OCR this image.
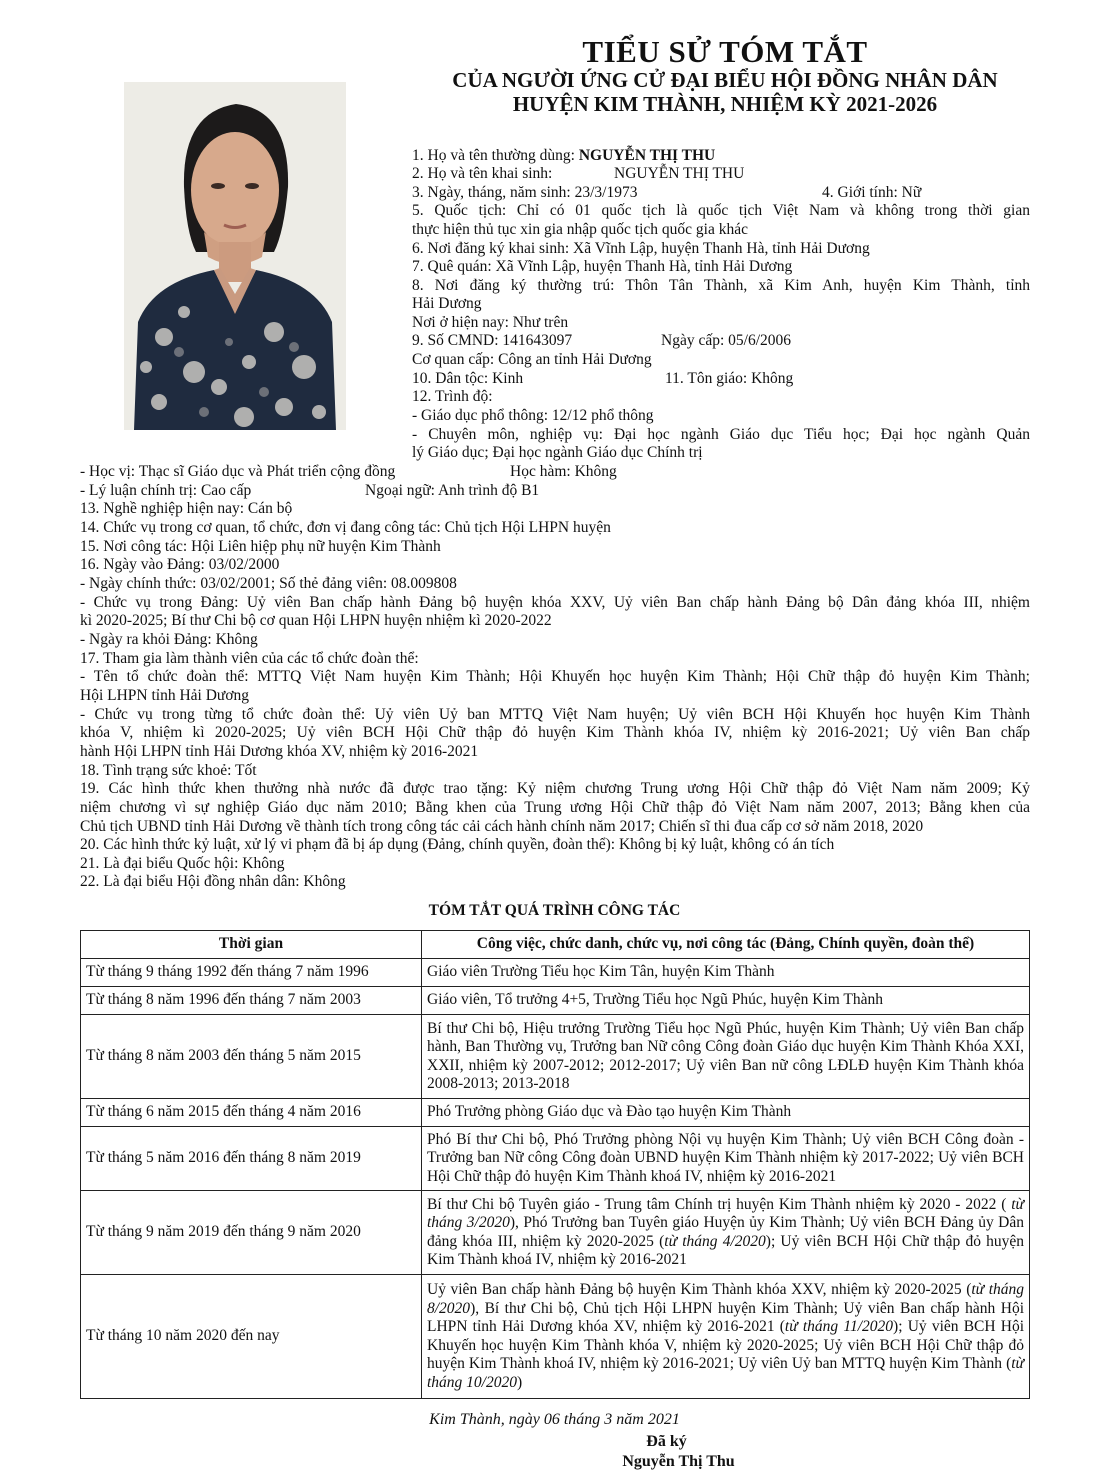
TIỂU SỬ TÓM TẮT
CỦA NGƯỜI ỨNG CỬ ĐẠI BIỂU HỘI ĐỒNG NHÂN DÂN
HUYỆN KIM THÀNH, NHIỆM KỲ 2021-2026
1. Họ và tên thường dùng: NGUYỄN THỊ THU
2. Họ và tên khai sinh:	NGUYỄN THỊ THU
3. Ngày, tháng, năm sinh: 23/3/1973	4. Giới tính: Nữ
5. Quốc tịch: Chỉ có 01 quốc tịch là quốc tịch Việt Nam và không trong thời gian
thực hiện thủ tục xin gia nhập quốc tịch quốc gia khác
6. Nơi đăng ký khai sinh: Xã Vĩnh Lập, huyện Thanh Hà, tỉnh Hải Dương
7. Quê quán: Xã Vĩnh Lập, huyện Thanh Hà, tỉnh Hải Dương
8. Nơi đăng ký thường trú: Thôn Tân Thành, xã Kim Anh, huyện Kim Thành, tỉnh
Hải Dương
Nơi ở hiện nay: Như trên
9. Số CMND: 141643097	Ngày cấp: 05/6/2006
Cơ quan cấp: Công an tỉnh Hải Dương
10. Dân tộc: Kinh	11. Tôn giáo: Không
12. Trình độ:
- Giáo dục phổ thông: 12/12 phổ thông
- Chuyên môn, nghiệp vụ: Đại học ngành Giáo dục Tiểu học; Đại học ngành Quản
lý Giáo dục; Đại học ngành Giáo dục Chính trị
- Học vị: Thạc sĩ Giáo dục và Phát triển cộng đồng	Học hàm: Không
- Lý luận chính trị: Cao cấp	Ngoại ngữ: Anh trình độ B1
13. Nghề nghiệp hiện nay: Cán bộ
14. Chức vụ trong cơ quan, tổ chức, đơn vị đang công tác: Chủ tịch Hội LHPN huyện
15. Nơi công tác: Hội Liên hiệp phụ nữ huyện Kim Thành
16. Ngày vào Đảng: 03/02/2000
- Ngày chính thức: 03/02/2001; Số thẻ đảng viên: 08.009808
- Chức vụ trong Đảng: Uỷ viên Ban chấp hành Đảng bộ huyện khóa XXV, Uỷ viên Ban chấp hành Đảng bộ Dân đảng khóa III, nhiệm
kì 2020-2025; Bí thư Chi bộ cơ quan Hội LHPN huyện nhiệm kì 2020-2022
- Ngày ra khỏi Đảng: Không
17. Tham gia làm thành viên của các tổ chức đoàn thể:
- Tên tổ chức đoàn thể: MTTQ Việt Nam huyện Kim Thành; Hội Khuyến học huyện Kim Thành; Hội Chữ thập đỏ huyện Kim Thành;
Hội LHPN tỉnh Hải Dương
- Chức vụ trong từng tổ chức đoàn thể: Uỷ viên Uỷ ban MTTQ Việt Nam huyện; Uỷ viên BCH Hội Khuyến học huyện Kim Thành
khóa V, nhiệm kì 2020-2025; Uỷ viên BCH Hội Chữ thập đỏ huyện Kim Thành khóa IV, nhiệm kỳ 2016-2021; Uỷ viên Ban chấp
hành Hội LHPN tỉnh Hải Dương khóa XV, nhiệm kỳ 2016-2021
18. Tình trạng sức khoẻ: Tốt
19. Các hình thức khen thưởng nhà nước đã được trao tặng: Kỷ niệm chương Trung ương Hội Chữ thập đỏ Việt Nam năm 2009; Kỷ
niệm chương vì sự nghiệp Giáo dục năm 2010; Bằng khen của Trung ương Hội Chữ thập đỏ Việt Nam năm 2007, 2013; Bằng khen của
Chủ tịch UBND tỉnh Hải Dương về thành tích trong công tác cải cách hành chính năm 2017; Chiến sĩ thi đua cấp cơ sở năm 2018, 2020
20. Các hình thức kỷ luật, xử lý vi phạm đã bị áp dụng (Đảng, chính quyền, đoàn thể): Không bị kỷ luật, không có án tích
21. Là đại biểu Quốc hội: Không
22. Là đại biểu Hội đồng nhân dân: Không
TÓM TẮT QUÁ TRÌNH CÔNG TÁC
Thời gian	Công việc, chức danh, chức vụ, nơi công tác (Đảng, Chính quyền, đoàn thể)
Từ tháng 9 tháng 1992 đến tháng 7 năm 1996	Giáo viên Trường Tiểu học Kim Tân, huyện Kim Thành
Từ tháng 8 năm 1996 đến tháng 7 năm 2003	Giáo viên, Tổ trưởng 4+5, Trường Tiểu học Ngũ Phúc, huyện Kim Thành
Từ tháng 8 năm 2003 đến tháng 5 năm 2015	Bí thư Chi bộ, Hiệu trưởng Trường Tiểu học Ngũ Phúc, huyện Kim Thành; Uỷ viên Ban chấp hành, Ban Thường vụ, Trưởng ban Nữ công Công đoàn Giáo dục huyện Kim Thành Khóa XXI, XXII, nhiệm kỳ 2007-2012; 2012-2017; Uỷ viên Ban nữ công LĐLĐ huyện Kim Thành khóa 2008-2013; 2013-2018
Từ tháng 6 năm 2015 đến tháng 4 năm 2016	Phó Trưởng phòng Giáo dục và Đào tạo huyện Kim Thành
Từ tháng 5 năm 2016 đến tháng 8 năm 2019	Phó Bí thư Chi bộ, Phó Trưởng phòng Nội vụ huyện Kim Thành; Uỷ viên BCH Công đoàn - Trưởng ban Nữ công Công đoàn UBND huyện Kim Thành nhiệm kỳ 2017-2022; Uỷ viên BCH Hội Chữ thập đỏ huyện Kim Thành khoá IV, nhiệm kỳ 2016-2021
Từ tháng 9 năm 2019 đến tháng 9 năm 2020	Bí thư Chi bộ Tuyên giáo - Trung tâm Chính trị huyện Kim Thành nhiệm kỳ 2020 - 2022 ( từ tháng 3/2020), Phó Trưởng ban Tuyên giáo Huyện ủy Kim Thành; Uỷ viên BCH Đảng ủy Dân đảng khóa III, nhiệm kỳ 2020-2025 (từ tháng 4/2020); Uỷ viên BCH Hội Chữ thập đỏ huyện Kim Thành khoá IV, nhiệm kỳ 2016-2021
Từ tháng 10 năm 2020 đến nay	Uỷ viên Ban chấp hành Đảng bộ huyện Kim Thành khóa XXV, nhiệm kỳ 2020-2025 (từ tháng 8/2020), Bí thư Chi bộ, Chủ tịch Hội LHPN huyện Kim Thành; Uỷ viên Ban chấp hành Hội LHPN tỉnh Hải Dương khóa XV, nhiệm kỳ 2016-2021 (từ tháng 11/2020); Uỷ viên BCH Hội Khuyến học huyện Kim Thành khóa V, nhiệm kỳ 2020-2025; Uỷ viên BCH Hội Chữ thập đỏ huyện Kim Thành khoá IV, nhiệm kỳ 2016-2021; Uỷ viên Uỷ ban MTTQ huyện Kim Thành (từ tháng 10/2020)
Kim Thành, ngày 06 tháng 3 năm 2021
Đã ký
Nguyễn Thị Thu
